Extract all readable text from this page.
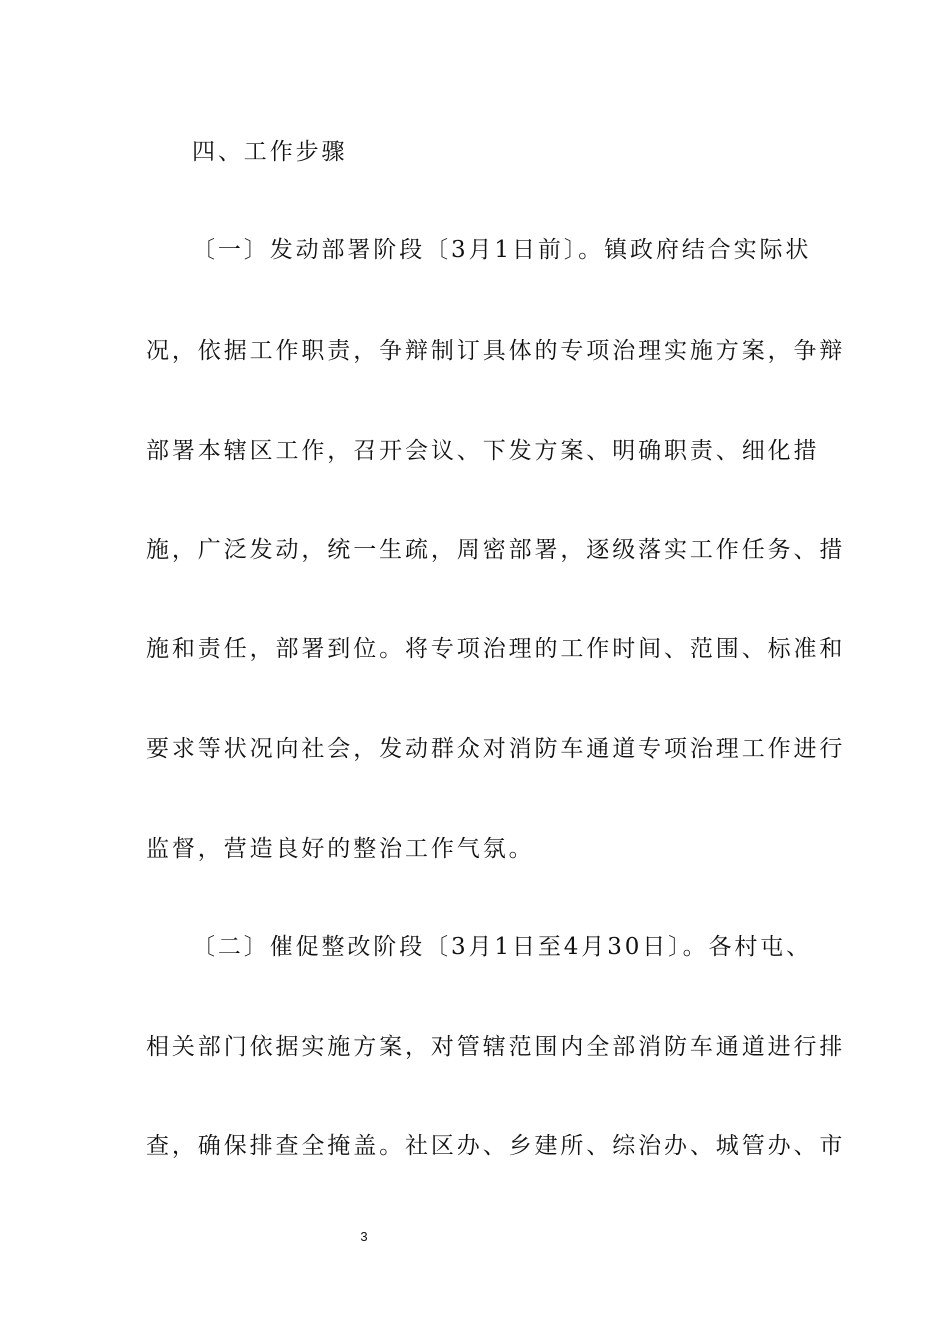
四、工作步骤
〔一〕发动部署阶段〔3月1日前〕。镇政府结合实际状
况，依据工作职责，争辩制订具体的专项治理实施方案，争辩
部署本辖区工作，召开会议、下发方案、明确职责、细化措
施，广泛发动，统一生疏，周密部署，逐级落实工作任务、措
施和责任，部署到位。将专项治理的工作时间、范围、标准和
要求等状况向社会，发动群众对消防车通道专项治理工作进行
监督，营造良好的整治工作气氛。
〔二〕催促整改阶段〔3月1日至4月30日〕。各村屯、
相关部门依据实施方案，对管辖范围内全部消防车通道进行排
查，确保排查全掩盖。社区办、乡建所、综治办、城管办、市
3
